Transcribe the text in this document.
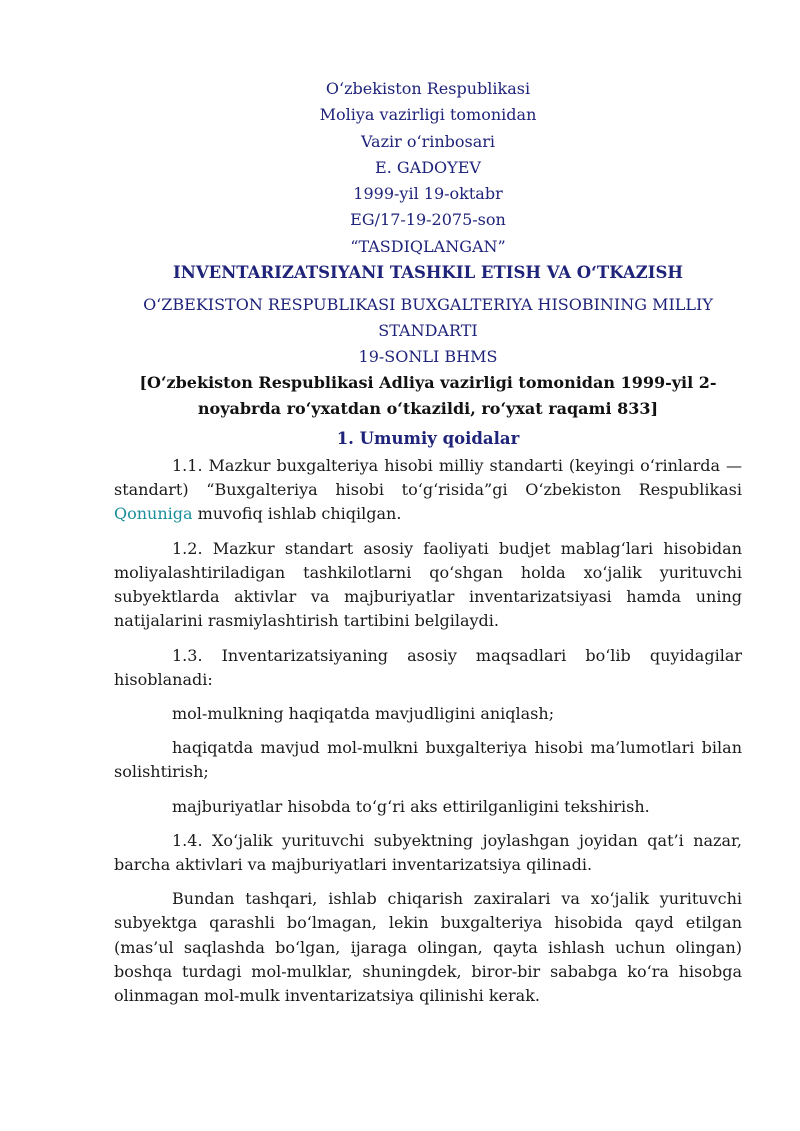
O‘zbekiston Respublikasi
Moliya vazirligi tomonidan
Vazir o‘rinbosari
E. GADOYEV
1999-yil 19-oktabr
EG/17-19-2075-son
“TASDIQLANGAN”
INVENTARIZATSIYANI TASHKIL ETISH VA O‘TKAZISH
O‘ZBEKISTON RESPUBLIKASI BUXGALTERIYA HISOBINING MILLIY STANDARTI
19-SONLI BHMS
[O‘zbekiston Respublikasi Adliya vazirligi tomonidan 1999-yil 2-noyabrda ro‘yxatdan o‘tkazildi, ro‘yxat raqami 833]
1. Umumiy qoidalar

1.1. Mazkur buxgalteriya hisobi milliy standarti (keyingi o‘rinlarda — standart) “Buxgalteriya hisobi to‘g‘risida”gi O‘zbekiston Respublikasi Qonuniga muvofiq ishlab chiqilgan.

1.2. Mazkur standart asosiy faoliyati budjet mablag‘lari hisobidan moliyalashtiriladigan tashkilotlarni qo‘shgan holda xo‘jalik yurituvchi subyektlarda aktivlar va majburiyatlar inventarizatsiyasi hamda uning natijalarini rasmiylashtirish tartibini belgilaydi.

1.3. Inventarizatsiyaning asosiy maqsadlari bo‘lib quyidagilar hisoblanadi:

mol-mulkning haqiqatda mavjudligini aniqlash;

haqiqatda mavjud mol-mulkni buxgalteriya hisobi ma’lumotlari bilan solishtirish;

majburiyatlar hisobda to‘g‘ri aks ettirilganligini tekshirish.

1.4. Xo‘jalik yurituvchi subyektning joylashgan joyidan qat’i nazar, barcha aktivlari va majburiyatlari inventarizatsiya qilinadi.

Bundan tashqari, ishlab chiqarish zaxiralari va xo‘jalik yurituvchi subyektga qarashli bo‘lmagan, lekin buxgalteriya hisobida qayd etilgan (mas’ul saqlashda bo‘lgan, ijaraga olingan, qayta ishlash uchun olingan) boshqa turdagi mol-mulklar, shuningdek, biror-bir sababga ko‘ra hisobga olinmagan mol-mulk inventarizatsiya qilinishi kerak.
